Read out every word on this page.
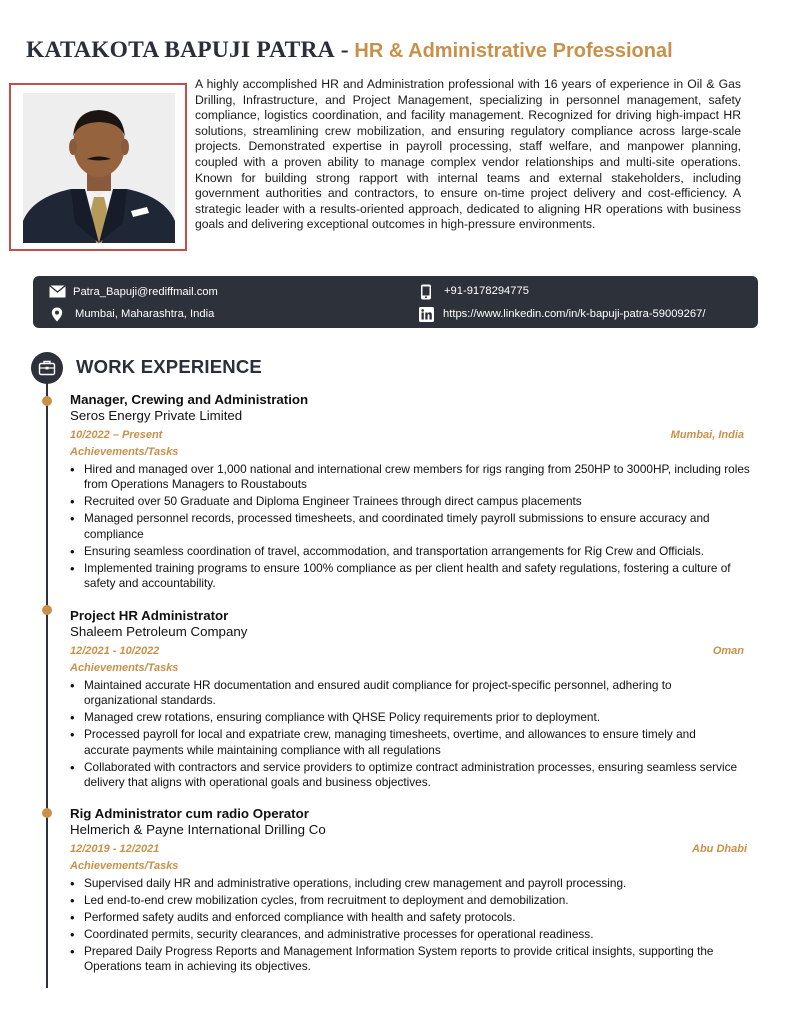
KATAKOTA BAPUJI PATRA - HR & Administrative Professional
A highly accomplished HR and Administration professional with 16 years of experience in Oil & Gas Drilling, Infrastructure, and Project Management, specializing in personnel management, safety compliance, logistics coordination, and facility management. Recognized for driving high-impact HR solutions, streamlining crew mobilization, and ensuring regulatory compliance across large-scale projects. Demonstrated expertise in payroll processing, staff welfare, and manpower planning, coupled with a proven ability to manage complex vendor relationships and multi-site operations. Known for building strong rapport with internal teams and external stakeholders, including government authorities and contractors, to ensure on-time project delivery and cost-efficiency. A strategic leader with a results-oriented approach, dedicated to aligning HR operations with business goals and delivering exceptional outcomes in high-pressure environments.
Patra_Bapuji@rediffmail.com	+91-9178294775
Mumbai, Maharashtra, India	https://www.linkedin.com/in/k-bapuji-patra-59009267/
WORK EXPERIENCE
Manager, Crewing and Administration
Seros Energy Private Limited
10/2022 – Present	Mumbai, India
Achievements/Tasks
• Hired and managed over 1,000 national and international crew members for rigs ranging from 250HP to 3000HP, including roles from Operations Managers to Roustabouts
• Recruited over 50 Graduate and Diploma Engineer Trainees through direct campus placements
• Managed personnel records, processed timesheets, and coordinated timely payroll submissions to ensure accuracy and compliance
• Ensuring seamless coordination of travel, accommodation, and transportation arrangements for Rig Crew and Officials.
• Implemented training programs to ensure 100% compliance as per client health and safety regulations, fostering a culture of safety and accountability.
Project HR Administrator
Shaleem Petroleum Company
12/2021 - 10/2022	Oman
Achievements/Tasks
• Maintained accurate HR documentation and ensured audit compliance for project-specific personnel, adhering to organizational standards.
• Managed crew rotations, ensuring compliance with QHSE Policy requirements prior to deployment.
• Processed payroll for local and expatriate crew, managing timesheets, overtime, and allowances to ensure timely and accurate payments while maintaining compliance with all regulations
• Collaborated with contractors and service providers to optimize contract administration processes, ensuring seamless service delivery that aligns with operational goals and business objectives.
Rig Administrator cum radio Operator
Helmerich & Payne International Drilling Co
12/2019 - 12/2021	Abu Dhabi
Achievements/Tasks
• Supervised daily HR and administrative operations, including crew management and payroll processing.
• Led end-to-end crew mobilization cycles, from recruitment to deployment and demobilization.
• Performed safety audits and enforced compliance with health and safety protocols.
• Coordinated permits, security clearances, and administrative processes for operational readiness.
• Prepared Daily Progress Reports and Management Information System reports to provide critical insights, supporting the Operations team in achieving its objectives.
